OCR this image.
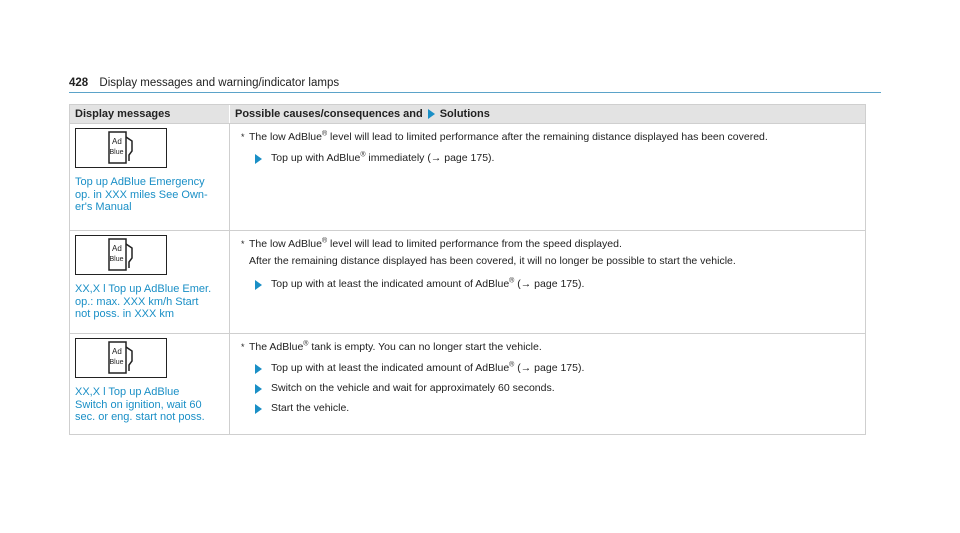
428 Display messages and warning/indicator lamps
Display messages	Possible causes/consequences and Solutions
Ad
Blue
Top up AdBlue Emergency
op. in XXX miles See Own-
er's Manual
* The low AdBlue® level will lead to limited performance after the remaining distance displayed has been covered.
Top up with AdBlue® immediately (→ page 175).
Ad
Blue
XX,X l Top up AdBlue Emer.
op.: max. XXX km/h Start
not poss. in XXX km
* The low AdBlue® level will lead to limited performance from the speed displayed.
After the remaining distance displayed has been covered, it will no longer be possible to start the vehicle.
Top up with at least the indicated amount of AdBlue® (→ page 175).
Ad
Blue
XX,X l Top up AdBlue
Switch on ignition, wait 60
sec. or eng. start not poss.
* The AdBlue® tank is empty. You can no longer start the vehicle.
Top up with at least the indicated amount of AdBlue® (→ page 175).
Switch on the vehicle and wait for approximately 60 seconds.
Start the vehicle.
